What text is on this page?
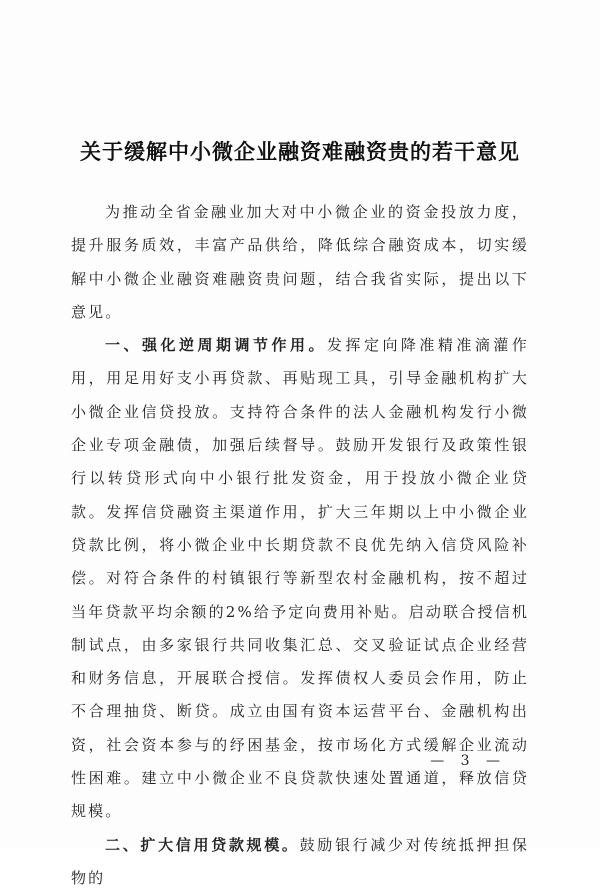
关于缓解中小微企业融资难融资贵的若干意见

为推动全省金融业加大对中小微企业的资金投放力度，提升服务质效，丰富产品供给，降低综合融资成本，切实缓解中小微企业融资难融资贵问题，结合我省实际，提出以下意见。

一、强化逆周期调节作用。发挥定向降准精准滴灌作用，用足用好支小再贷款、再贴现工具，引导金融机构扩大小微企业信贷投放。支持符合条件的法人金融机构发行小微企业专项金融债，加强后续督导。鼓励开发银行及政策性银行以转贷形式向中小银行批发资金，用于投放小微企业贷款。发挥信贷融资主渠道作用，扩大三年期以上中小微企业贷款比例，将小微企业中长期贷款不良优先纳入信贷风险补偿。对符合条件的村镇银行等新型农村金融机构，按不超过当年贷款平均余额的2%给予定向费用补贴。启动联合授信机制试点，由多家银行共同收集汇总、交叉验证试点企业经营和财务信息，开展联合授信。发挥债权人委员会作用，防止不合理抽贷、断贷。成立由国有资本运营平台、金融机构出资，社会资本参与的纾困基金，按市场化方式缓解企业流动性困难。建立中小微企业不良贷款快速处置通道，释放信贷规模。

二、扩大信用贷款规模。鼓励银行减少对传统抵押担保物的

— 3 —
